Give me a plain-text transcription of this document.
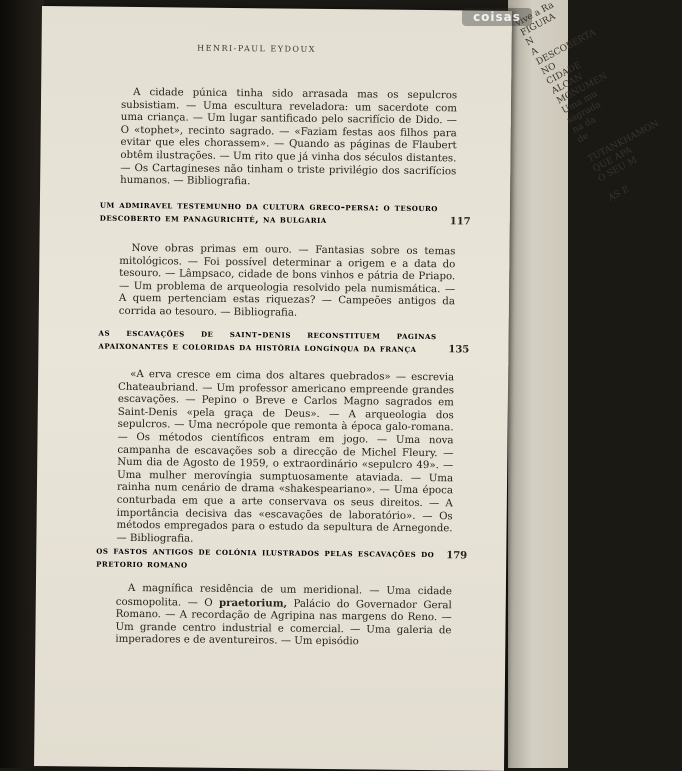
vive a Ra
FIGURA N
A DESCOBERTA NO
CIDADE ALCAN
MONUMEN
Uma mu
sagrada
na da
de

TUTANKHAMON
QUE APA
O SEU M

AS E
HENRI-PAUL EYDOUX

A cidade púnica tinha sido arrasada mas os sepulcros subsistiam. — Uma escultura reveladora: um sacerdote com uma criança. — Um lugar santificado pelo sacrifício de Dido. — O «tophet», recinto sagrado. — «Faziam festas aos filhos para evitar que eles chorassem». — Quando as páginas de Flaubert obtêm ilustrações. — Um rito que já vinha dos séculos distantes. — Os Cartagineses não tinham o triste privilégio dos sacrifícios humanos. — Bibliografia.

um admiravel testemunho da cultura greco-persa: o tesouro descoberto em panagurichté, na bulgaria	117

Nove obras primas em ouro. — Fantasias sobre os temas mitológicos. — Foi possível determinar a origem e a data do tesouro. — Lâmpsaco, cidade de bons vinhos e pátria de Priapo. — Um problema de arqueologia resolvido pela numismática. — A quem pertenciam estas riquezas? — Campeões antigos da corrida ao tesouro. — Bibliografia.

as escavações de saint-denis reconstituem paginas apaixonantes e coloridas da história longínqua da frança	135

«A erva cresce em cima dos altares quebrados» — escrevia Chateaubriand. — Um professor americano empreende grandes escavações. — Pepino o Breve e Carlos Magno sagrados em Saint-Denis «pela graça de Deus». — A arqueologia dos sepulcros. — Uma necrópole que remonta à época galo-romana. — Os métodos científicos entram em jogo. — Uma nova campanha de escavações sob a direcção de Michel Fleury. — Num dia de Agosto de 1959, o extraordinário «sepulcro 49». — Uma mulher merovíngia sumptuosamente ataviada. — Uma rainha num cenário de drama «shakespeariano». — Uma época conturbada em que a arte conservava os seus direitos. — A importância decisiva das «escavações de laboratório». — Os métodos empregados para o estudo da sepultura de Arnegonde. — Bibliografia.

os fastos antigos de colónia ilustrados pelas escavações do pretorio romano

179

A magnífica residência de um meridional. — Uma cidade cosmopolita. — O praetorium, Palácio do Governador Geral Romano. — A recordação de Agripina nas margens do Reno. — Um grande centro industrial e comercial. — Uma galeria de imperadores e de aventureiros. — Um episódio

coisas
